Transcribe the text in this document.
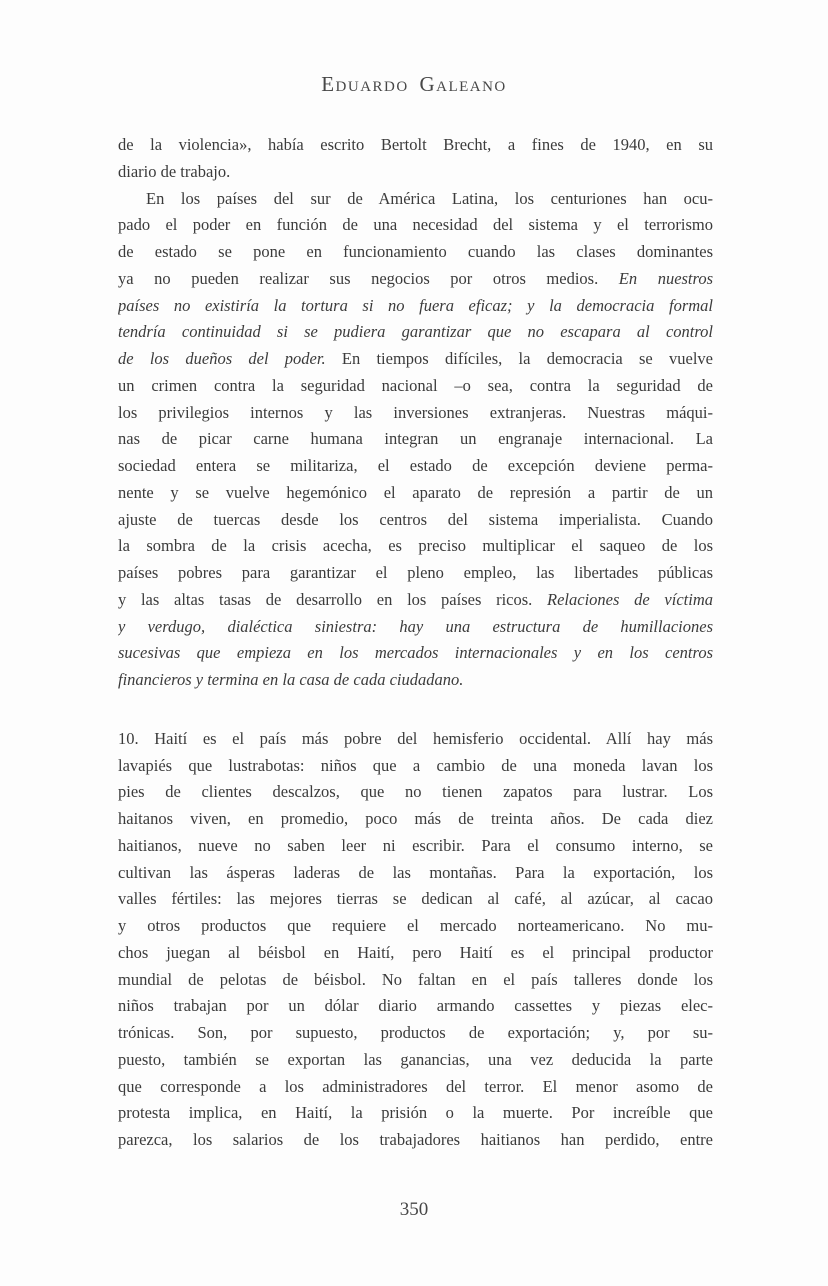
Eduardo Galeano
de la violencia», había escrito Bertolt Brecht, a fines de 1940, en su
diario de trabajo.
En los países del sur de América Latina, los centuriones han ocu-
pado el poder en función de una necesidad del sistema y el terrorismo
de estado se pone en funcionamiento cuando las clases dominantes
ya no pueden realizar sus negocios por otros medios. En nuestros
países no existiría la tortura si no fuera eficaz; y la democracia formal
tendría continuidad si se pudiera garantizar que no escapara al control
de los dueños del poder. En tiempos difíciles, la democracia se vuelve
un crimen contra la seguridad nacional –o sea, contra la seguridad de
los privilegios internos y las inversiones extranjeras. Nuestras máqui-
nas de picar carne humana integran un engranaje internacional. La
sociedad entera se militariza, el estado de excepción deviene perma-
nente y se vuelve hegemónico el aparato de represión a partir de un
ajuste de tuercas desde los centros del sistema imperialista. Cuando
la sombra de la crisis acecha, es preciso multiplicar el saqueo de los
países pobres para garantizar el pleno empleo, las libertades públicas
y las altas tasas de desarrollo en los países ricos. Relaciones de víctima
y verdugo, dialéctica siniestra: hay una estructura de humillaciones
sucesivas que empieza en los mercados internacionales y en los centros
financieros y termina en la casa de cada ciudadano.
10. Haití es el país más pobre del hemisferio occidental. Allí hay más
lavapiés que lustrabotas: niños que a cambio de una moneda lavan los
pies de clientes descalzos, que no tienen zapatos para lustrar. Los
haitanos viven, en promedio, poco más de treinta años. De cada diez
haitianos, nueve no saben leer ni escribir. Para el consumo interno, se
cultivan las ásperas laderas de las montañas. Para la exportación, los
valles fértiles: las mejores tierras se dedican al café, al azúcar, al cacao
y otros productos que requiere el mercado norteamericano. No mu-
chos juegan al béisbol en Haití, pero Haití es el principal productor
mundial de pelotas de béisbol. No faltan en el país talleres donde los
niños trabajan por un dólar diario armando cassettes y piezas elec-
trónicas. Son, por supuesto, productos de exportación; y, por su-
puesto, también se exportan las ganancias, una vez deducida la parte
que corresponde a los administradores del terror. El menor asomo de
protesta implica, en Haití, la prisión o la muerte. Por increíble que
parezca, los salarios de los trabajadores haitianos han perdido, entre
350
